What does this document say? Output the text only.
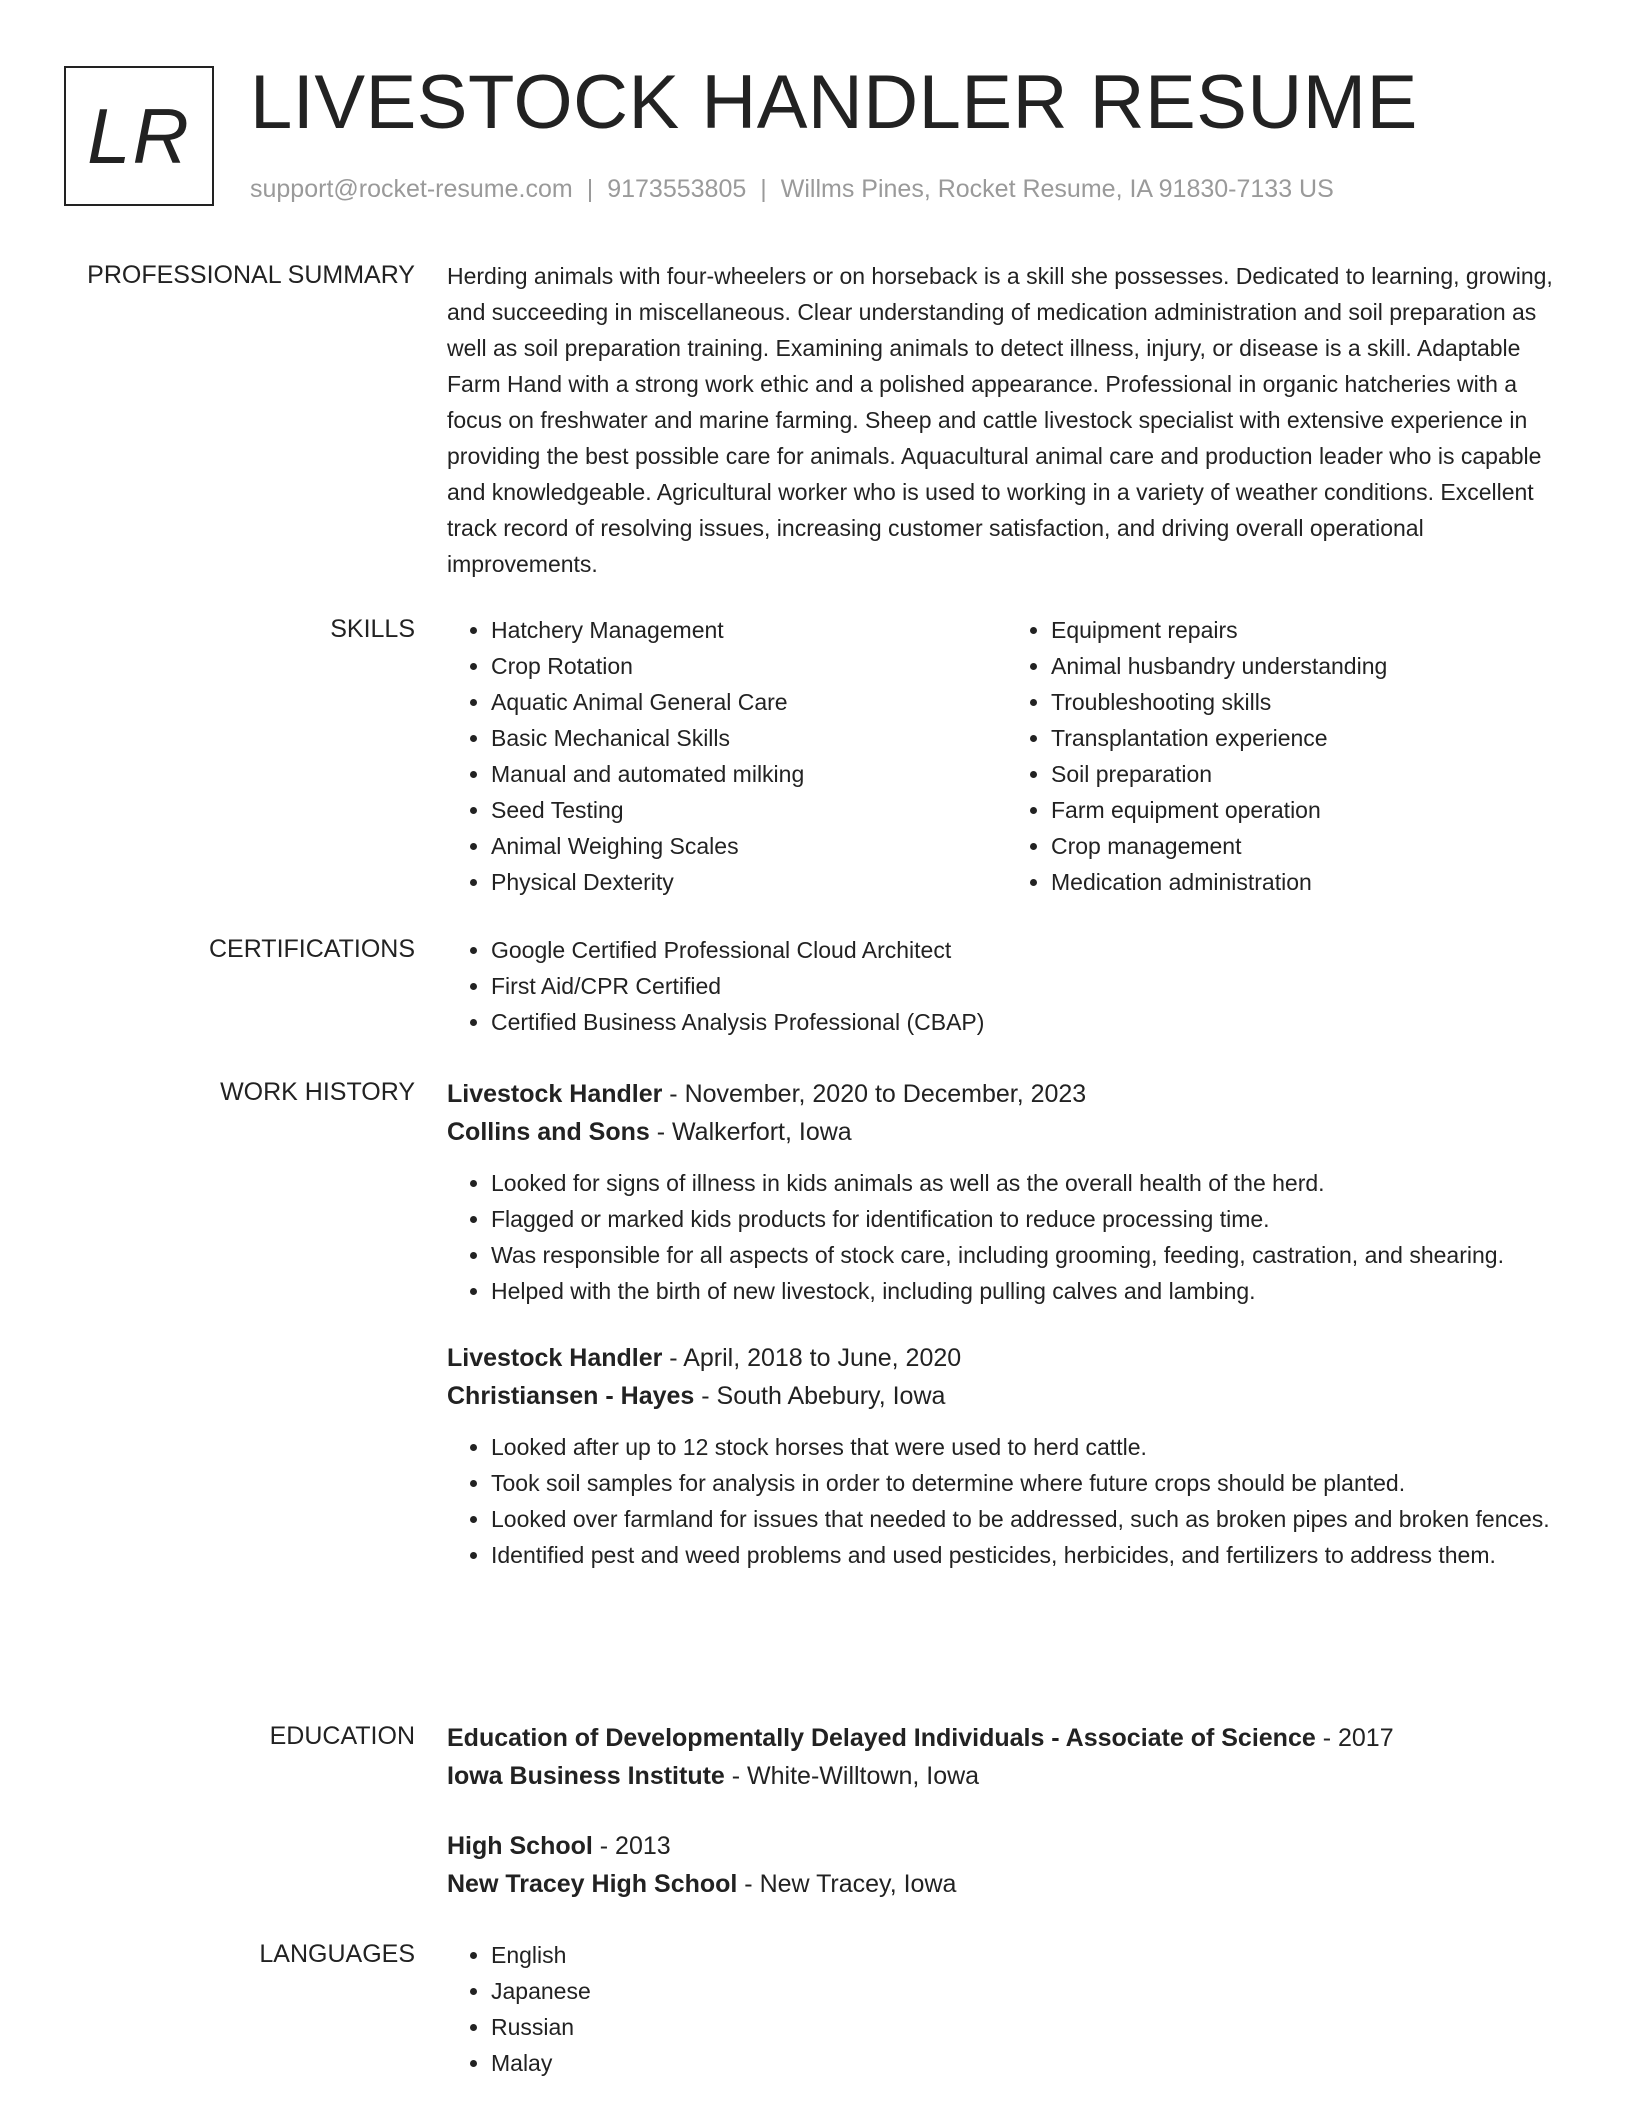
LR LIVESTOCK HANDLER RESUME
support@rocket-resume.com | 9173553805 | Willms Pines, Rocket Resume, IA 91830-7133 US
PROFESSIONAL SUMMARY Herding animals with four-wheelers or on horseback is a skill she possesses. Dedicated to learning, growing, and succeeding in miscellaneous. Clear understanding of medication administration and soil preparation as well as soil preparation training. Examining animals to detect illness, injury, or disease is a skill. Adaptable Farm Hand with a strong work ethic and a polished appearance. Professional in organic hatcheries with a focus on freshwater and marine farming. Sheep and cattle livestock specialist with extensive experience in providing the best possible care for animals. Aquacultural animal care and production leader who is capable and knowledgeable. Agricultural worker who is used to working in a variety of weather conditions. Excellent track record of resolving issues, increasing customer satisfaction, and driving overall operational improvements.

SKILLS	• Hatchery Management
• Crop Rotation
• Aquatic Animal General Care
• Basic Mechanical Skills
• Manual and automated milking
• Seed Testing
• Animal Weighing Scales
• Physical Dexterity
• Equipment repairs
• Animal husbandry understanding
• Troubleshooting skills
• Transplantation experience
• Soil preparation
• Farm equipment operation
• Crop management
• Medication administration
CERTIFICATIONS	• Google Certified Professional Cloud Architect
• First Aid/CPR Certified
• Certified Business Analysis Professional (CBAP)
WORK HISTORY Livestock Handler - November, 2020 to December, 2023
Collins and Sons - Walkerfort, Iowa
• Looked for signs of illness in kids animals as well as the overall health of the herd.
• Flagged or marked kids products for identification to reduce processing time.
• Was responsible for all aspects of stock care, including grooming, feeding, castration, and shearing.
• Helped with the birth of new livestock, including pulling calves and lambing.
Livestock Handler - April, 2018 to June, 2020
Christiansen - Hayes - South Abebury, Iowa
• Looked after up to 12 stock horses that were used to herd cattle.
• Took soil samples for analysis in order to determine where future crops should be planted.
• Looked over farmland for issues that needed to be addressed, such as broken pipes and broken fences.
• Identified pest and weed problems and used pesticides, herbicides, and fertilizers to address them.
EDUCATION Education of Developmentally Delayed Individuals - Associate of Science - 2017
Iowa Business Institute - White-Willtown, Iowa
High School - 2013
New Tracey High School - New Tracey, Iowa
LANGUAGES	• English
• Japanese
• Russian
• Malay
